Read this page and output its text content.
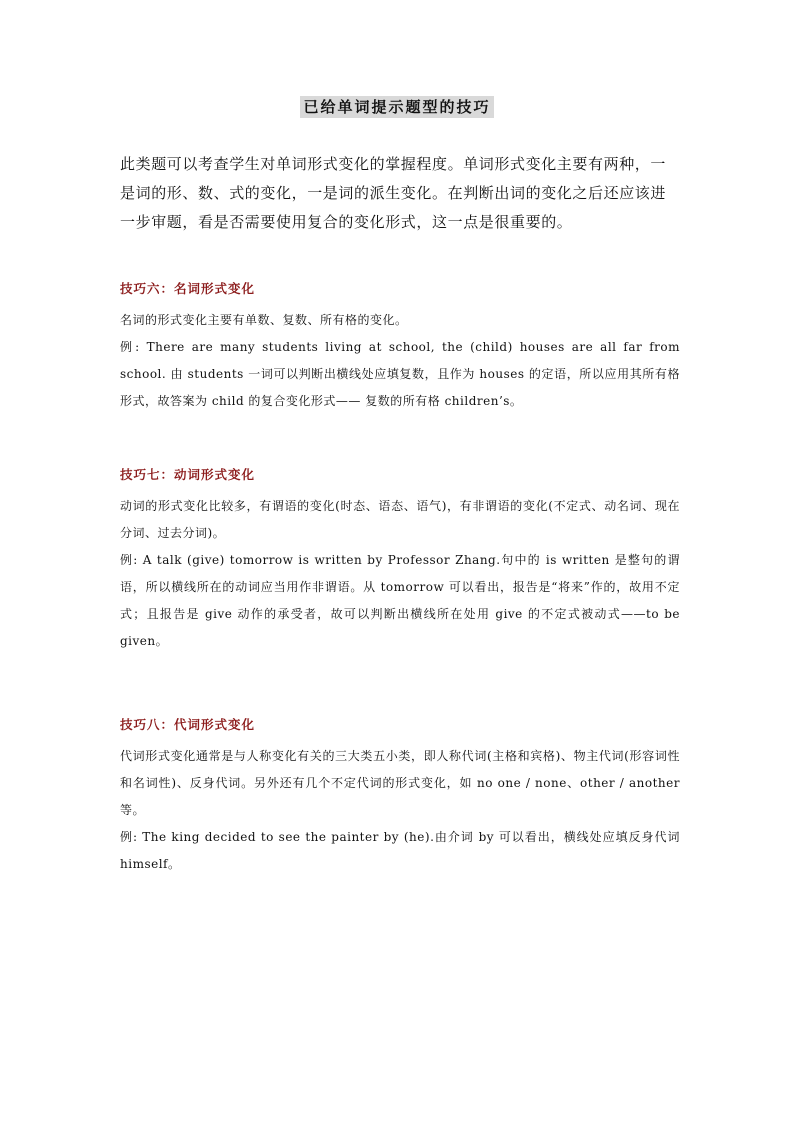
已给单词提示题型的技巧

此类题可以考查学生对单词形式变化的掌握程度。单词形式变化主要有两种，一是词的形、数、式的变化，一是词的派生变化。在判断出词的变化之后还应该进一步审题，看是否需要使用复合的变化形式，这一点是很重要的。

技巧六：名词形式变化

名词的形式变化主要有单数、复数、所有格的变化。

例: There are many students living at school, the (child) houses are all far from school. 由 students 一词可以判断出横线处应填复数，且作为 houses 的定语，所以应用其所有格形式，故答案为 child 的复合变化形式—— 复数的所有格 children’s。

技巧七：动词形式变化

动词的形式变化比较多，有谓语的变化(时态、语态、语气)，有非谓语的变化(不定式、动名词、现在分词、过去分词)。

例: A talk (give) tomorrow is written by Professor Zhang.句中的 is written 是整句的谓语，所以横线所在的动词应当用作非谓语。从 tomorrow 可以看出，报告是“将来”作的，故用不定式；且报告是 give 动作的承受者，故可以判断出横线所在处用 give 的不定式被动式——to be given。

技巧八：代词形式变化

代词形式变化通常是与人称变化有关的三大类五小类，即人称代词(主格和宾格)、物主代词(形容词性和名词性)、反身代词。另外还有几个不定代词的形式变化，如 no one / none、other / another 等。

例: The king decided to see the painter by (he).由介词 by 可以看出，横线处应填反身代词 himself。
